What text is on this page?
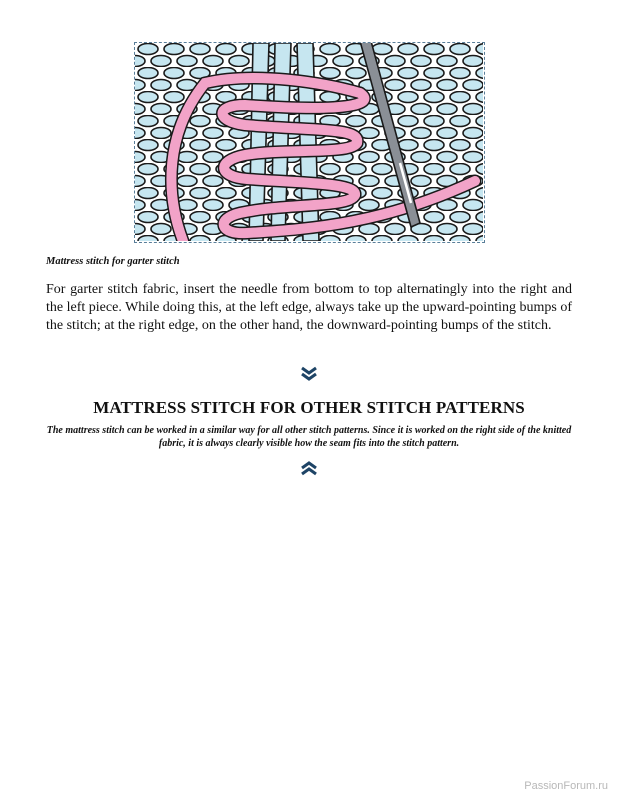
Mattress stitch for garter stitch

For garter stitch fabric, insert the needle from bottom to top alternatingly into the right and the left piece. While doing this, at the left edge, always take up the upward-pointing bumps of the stitch; at the right edge, on the other hand, the downward-pointing bumps of the stitch.

MATTRESS STITCH FOR OTHER STITCH PATTERNS

The mattress stitch can be worked in a similar way for all other stitch patterns. Since it is worked on the right side of the knitted fabric, it is always clearly visible how the seam fits into the stitch pattern.

PassionForum.ru
